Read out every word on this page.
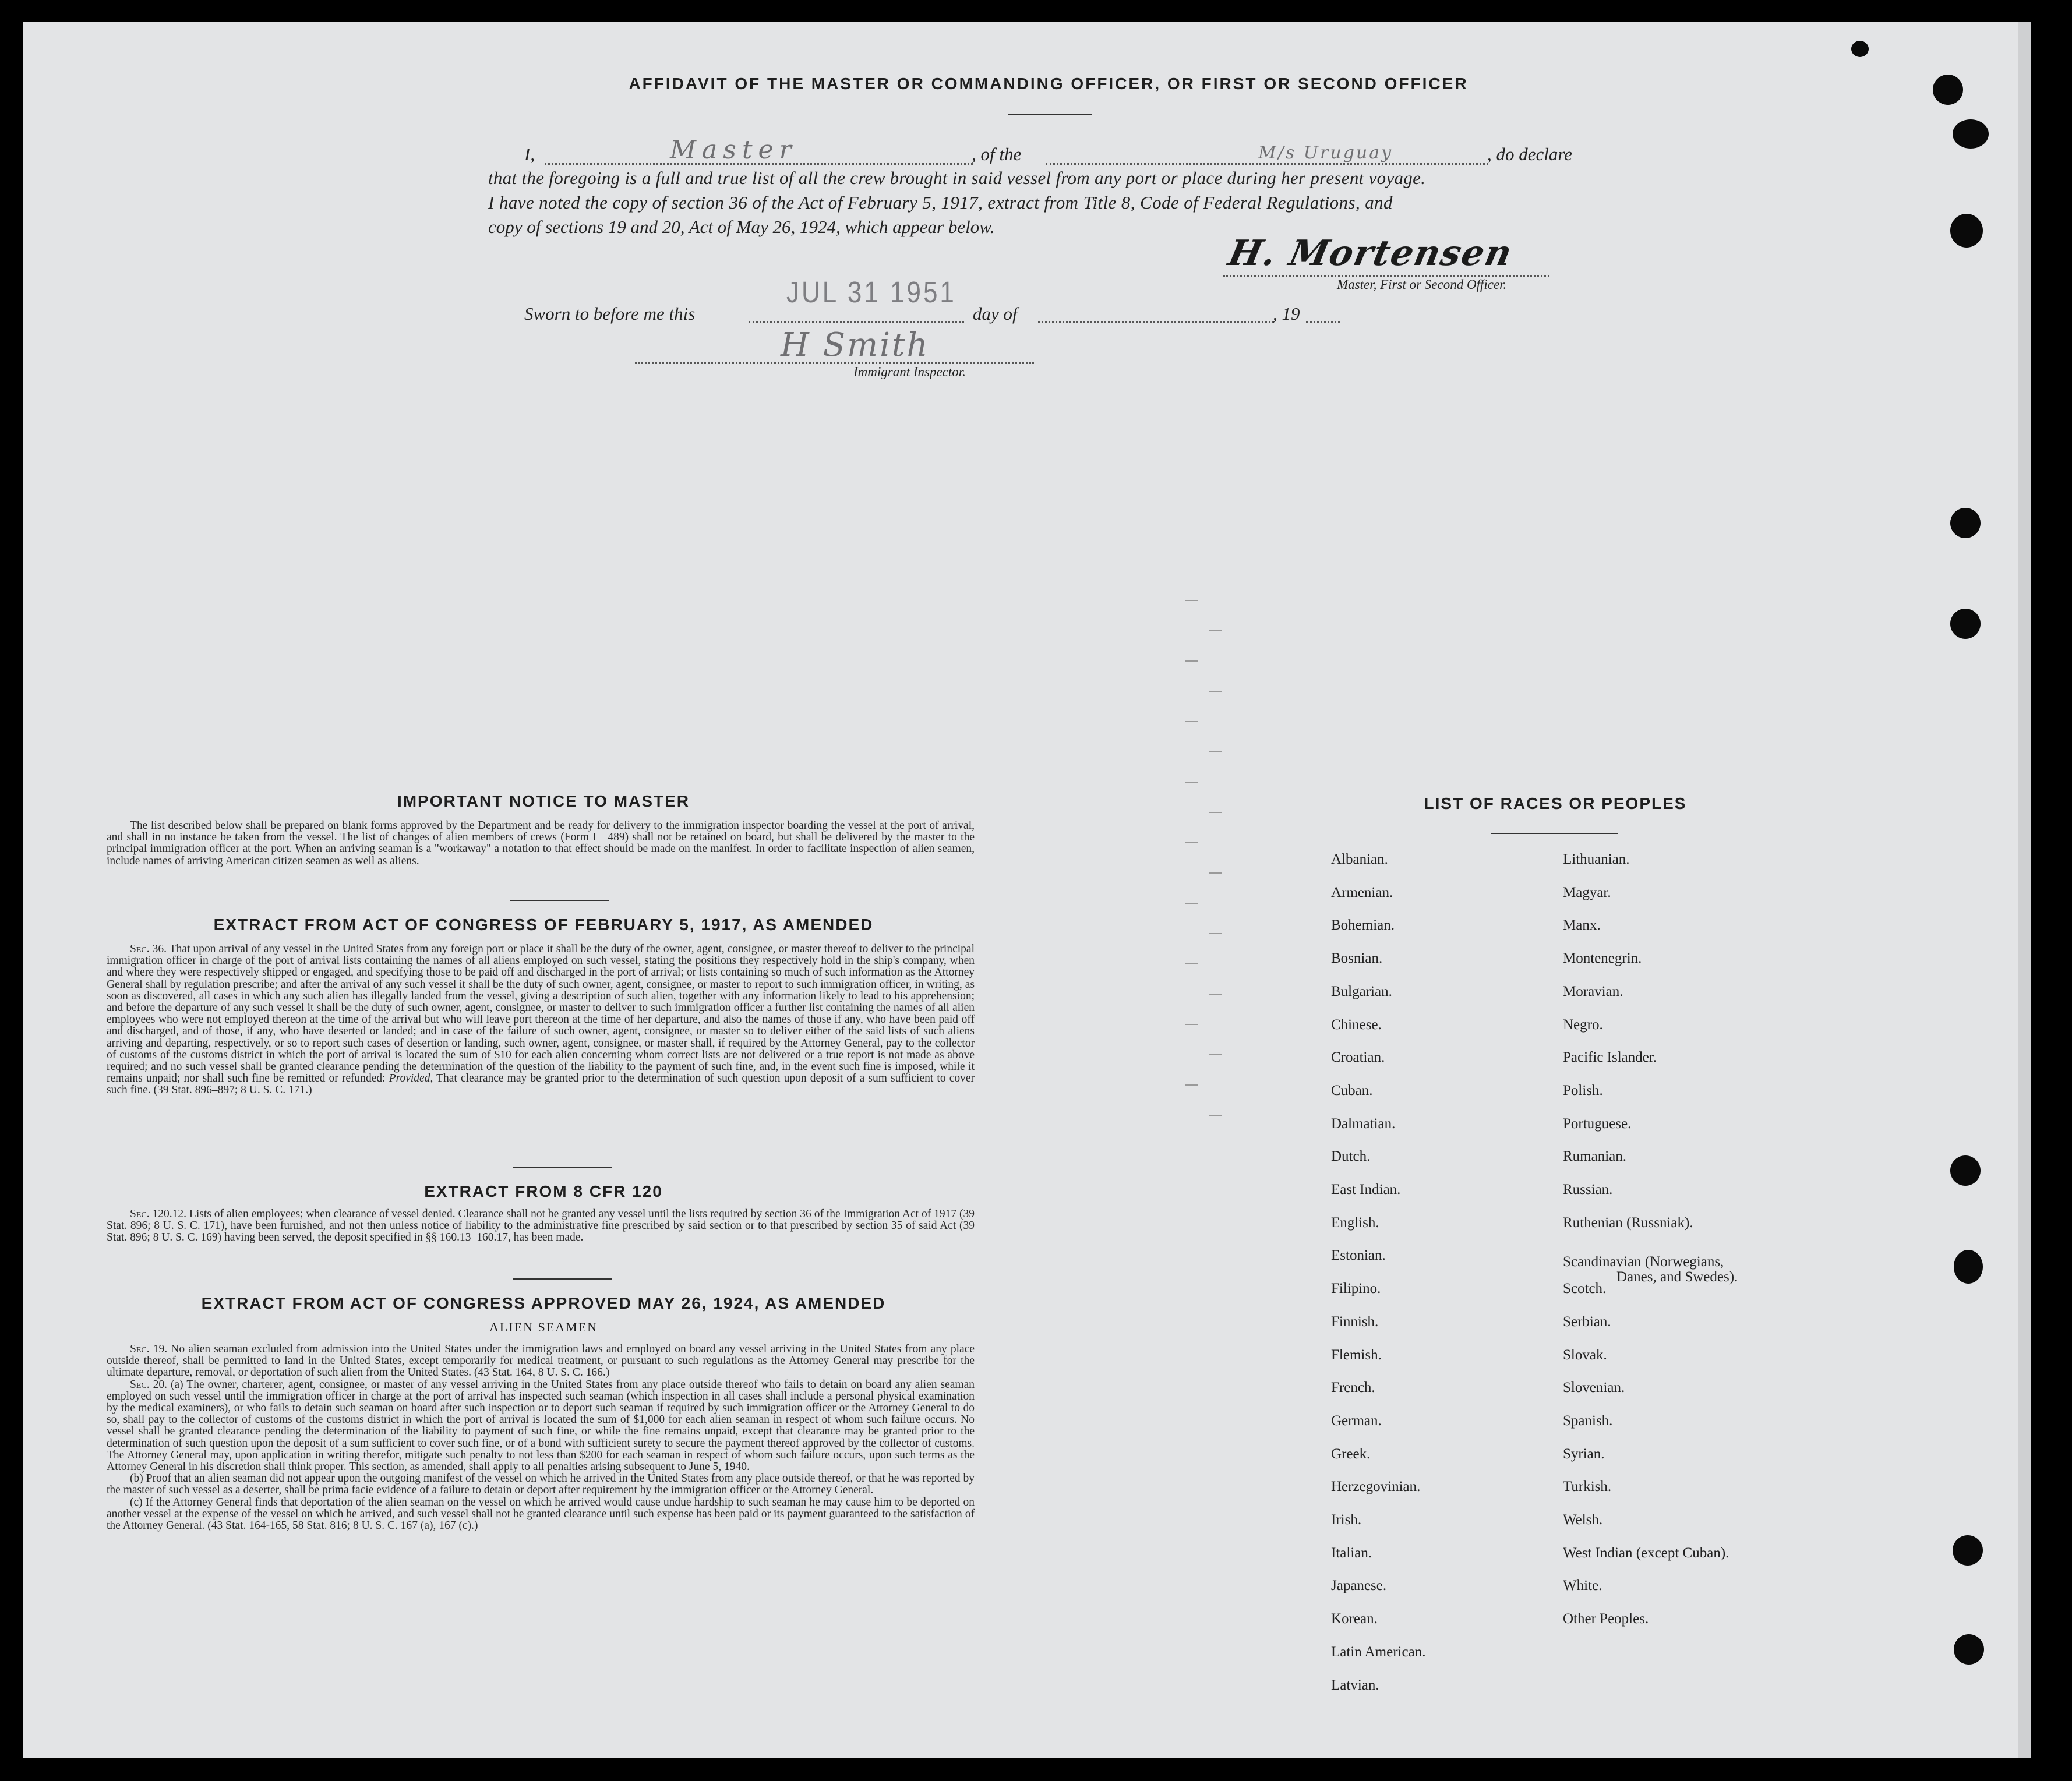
AFFIDAVIT OF THE MASTER OR COMMANDING OFFICER, OR FIRST OR SECOND OFFICER
I,	Master	, of the	M/s Uruguay	, do declare
that the foregoing is a full and true list of all the crew brought in said vessel from any port or place during her present voyage.
I have noted the copy of section 36 of the Act of February 5, 1917, extract from Title 8, Code of Federal Regulations, and
copy of sections 19 and 20, Act of May 26, 1924, which appear below.
H. Mortensen
Master, First or Second Officer.
Sworn to before me this
JUL 31 1951
day of	, 19
H Smith
Immigrant Inspector.
IMPORTANT NOTICE TO MASTER

The list described below shall be prepared on blank forms approved by the Department and be ready for delivery to the immigration inspector boarding the vessel at the port of arrival, and shall in no instance be taken from the vessel. The list of changes of alien members of crews (Form I—489) shall not be retained on board, but shall be delivered by the master to the principal immigration officer at the port. When an arriving seaman is a "workaway" a notation to that effect should be made on the manifest. In order to facilitate inspection of alien seamen, include names of arriving American citizen seamen as well as aliens.

EXTRACT FROM ACT OF CONGRESS OF FEBRUARY 5, 1917, AS AMENDED

Sec. 36. That upon arrival of any vessel in the United States from any foreign port or place it shall be the duty of the owner, agent, consignee, or master thereof to deliver to the principal immigration officer in charge of the port of arrival lists containing the names of all aliens employed on such vessel, stating the positions they respectively hold in the ship's company, when and where they were respectively shipped or engaged, and specifying those to be paid off and discharged in the port of arrival; or lists containing so much of such information as the Attorney General shall by regulation prescribe; and after the arrival of any such vessel it shall be the duty of such owner, agent, consignee, or master to report to such immigration officer, in writing, as soon as discovered, all cases in which any such alien has illegally landed from the vessel, giving a description of such alien, together with any information likely to lead to his apprehension; and before the departure of any such vessel it shall be the duty of such owner, agent, consignee, or master to deliver to such immigration officer a further list containing the names of all alien employees who were not employed thereon at the time of the arrival but who will leave port thereon at the time of her departure, and also the names of those if any, who have been paid off and discharged, and of those, if any, who have deserted or landed; and in case of the failure of such owner, agent, consignee, or master so to deliver either of the said lists of such aliens arriving and departing, respectively, or so to report such cases of desertion or landing, such owner, agent, consignee, or master shall, if required by the Attorney General, pay to the collector of customs of the customs district in which the port of arrival is located the sum of $10 for each alien concerning whom correct lists are not delivered or a true report is not made as above required; and no such vessel shall be granted clearance pending the determination of the question of the liability to the payment of such fine, and, in the event such fine is imposed, while it remains unpaid; nor shall such fine be remitted or refunded: Provided, That clearance may be granted prior to the determination of such question upon deposit of a sum sufficient to cover such fine. (39 Stat. 896–897; 8 U. S. C. 171.)

EXTRACT FROM 8 CFR 120

Sec. 120.12. Lists of alien employees; when clearance of vessel denied. Clearance shall not be granted any vessel until the lists required by section 36 of the Immigration Act of 1917 (39 Stat. 896; 8 U. S. C. 171), have been furnished, and not then unless notice of liability to the administrative fine prescribed by said section or to that prescribed by section 35 of said Act (39 Stat. 896; 8 U. S. C. 169) having been served, the deposit specified in §§ 160.13–160.17, has been made.

EXTRACT FROM ACT OF CONGRESS APPROVED MAY 26, 1924, AS AMENDED
ALIEN SEAMEN

Sec. 19. No alien seaman excluded from admission into the United States under the immigration laws and employed on board any vessel arriving in the United States from any place outside thereof, shall be permitted to land in the United States, except temporarily for medical treatment, or pursuant to such regulations as the Attorney General may prescribe for the ultimate departure, removal, or deportation of such alien from the United States. (43 Stat. 164, 8 U. S. C. 166.)

Sec. 20. (a) The owner, charterer, agent, consignee, or master of any vessel arriving in the United States from any place outside thereof who fails to detain on board any alien seaman employed on such vessel until the immigration officer in charge at the port of arrival has inspected such seaman (which inspection in all cases shall include a personal physical examination by the medical examiners), or who fails to detain such seaman on board after such inspection or to deport such seaman if required by such immigration officer or the Attorney General to do so, shall pay to the collector of customs of the customs district in which the port of arrival is located the sum of $1,000 for each alien seaman in respect of whom such failure occurs. No vessel shall be granted clearance pending the determination of the liability to payment of such fine, or while the fine remains unpaid, except that clearance may be granted prior to the determination of such question upon the deposit of a sum sufficient to cover such fine, or of a bond with sufficient surety to secure the payment thereof approved by the collector of customs. The Attorney General may, upon application in writing therefor, mitigate such penalty to not less than $200 for each seaman in respect of whom such failure occurs, upon such terms as the Attorney General in his discretion shall think proper. This section, as amended, shall apply to all penalties arising subsequent to June 5, 1940.

(b) Proof that an alien seaman did not appear upon the outgoing manifest of the vessel on which he arrived in the United States from any place outside thereof, or that he was reported by the master of such vessel as a deserter, shall be prima facie evidence of a failure to detain or deport after requirement by the immigration officer or the Attorney General.

(c) If the Attorney General finds that deportation of the alien seaman on the vessel on which he arrived would cause undue hardship to such seaman he may cause him to be deported on another vessel at the expense of the vessel on which he arrived, and such vessel shall not be granted clearance until such expense has been paid or its payment guaranteed to the satisfaction of the Attorney General. (43 Stat. 164-165, 58 Stat. 816; 8 U. S. C. 167 (a), 167 (c).)

LIST OF RACES OR PEOPLES
Albanian.
Armenian.
Bohemian.
Bosnian.
Bulgarian.
Chinese.
Croatian.
Cuban.
Dalmatian.
Dutch.
East Indian.
English.
Estonian.
Filipino.
Finnish.
Flemish.
French.
German.
Greek.
Herzegovinian.
Irish.
Italian.
Japanese.
Korean.
Latin American.
Latvian.
Lithuanian.
Magyar.
Manx.
Montenegrin.
Moravian.
Negro.
Pacific Islander.
Polish.
Portuguese.
Rumanian.
Russian.
Ruthenian (Russniak).
Scandinavian (Norwegians,
Danes, and Swedes).
Scotch.
Serbian.
Slovak.
Slovenian.
Spanish.
Syrian.
Turkish.
Welsh.
West Indian (except Cuban).
White.
Other Peoples.
